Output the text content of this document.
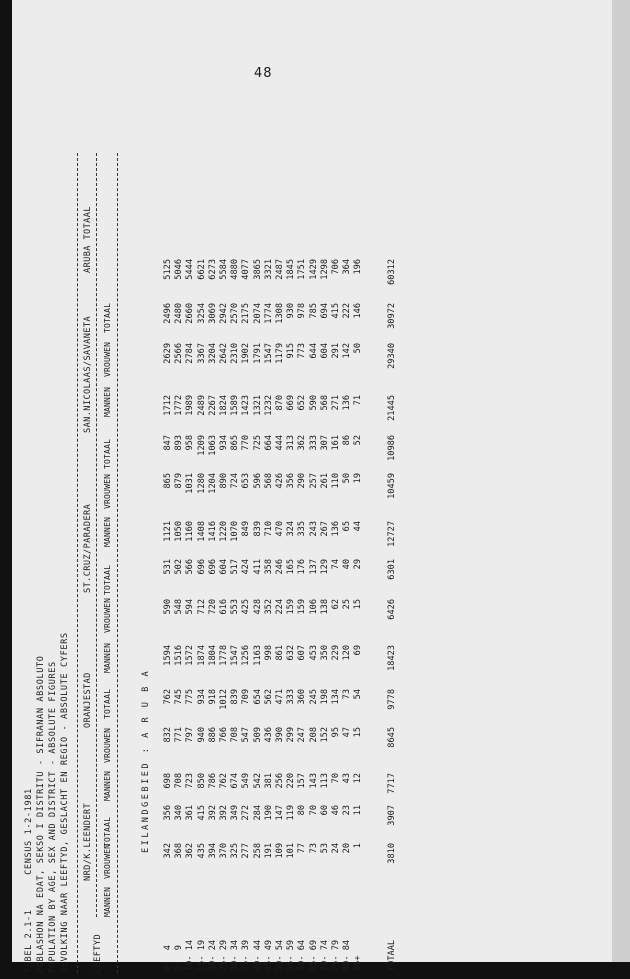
48
TABEL 2.1-1      CENSUS 1-2-1981 POBLASHON NA EDAT, SEKSO I DISTRITU - SIFRANAN ABSOLUTO POPULATION BY AGE, SEX AND DISTRICT - ABSOLUTE FIGURES BEVOLKING NAAR LEEFTYD, GESLACHT EN REGIO - ABSOLUTE CYFERS	LEEFTYD
NRD/K.LEENDERT
ORANJESTAD
ST.CRUZ/PARADERA
SAN.NICOLAAS/SAVANETA
ARUBA TOTAAL
MANNEN
VROUWEN
TOTAAL
MANNEN
VROUWEN
TOTAAL
MANNEN
VROUWEN
TOTAAL
MANNEN
VROUWEN
TOTAAL
MANNEN
VROUWEN
TOTAAL
EILANDGEBIED : A R U B A
0-  4
342
356
698
832
762
1594
590
531
1121
865
847
1712
2629
2496
5125
5-  9
368
340
708
771
745
1516
548
502
1050
879
893
1772
2566
2480
5046
10- 14
362
361
723
797
775
1572
594
566
1160
1031
958
1989
2784
2660
5444
15- 19
435
415
850
940
934
1874
712
696
1408
1280
1209
2489
3367
3254
6621
20- 24
394
392
786
886
918
1804
720
696
1416
1204
1063
2267
3204
3069
6273
25- 29
370
392
762
766
1012
1778
616
604
1220
890
934
1824
2642
2942
5584
30- 34
325
349
674
708
839
1547
553
517
1070
724
865
1589
2310
2570
4880
35- 39
277
272
549
547
709
1256
425
424
849
653
770
1423
1902
2175
4077
40- 44
258
284
542
509
654
1163
428
411
839
596
725
1321
1791
2074
3865
45- 49
191
190
381
436
562
998
352
358
710
568
664
1232
1547
1774
3321
50- 54
109
147
256
390
471
861
224
246
470
426
444
870
1179
1308
2487
55- 59
101
119
220
299
333
632
159
165
324
356
313
669
915
930
1845
60- 64
77
80
157
247
360
607
159
176
335
290
362
652
773
978
1751
65- 69
73
70
143
208
245
453
106
137
243
257
333
590
644
785
1429
70- 74
53
60
113
152
198
350
138
129
267
261
307
568
604
694
1298
75- 79
24
46
70
95
134
229
62
74
136
110
161
271
291
415
706
80- 84
20
23
43
47
73
120
25
40
65
50
86
136
142
222
364
85+
1
11
12
15
54
69
15
29
44
19
52
71
50
146
196
TOTAAL
3810
3907
7717
8645
9778
18423
6426
6301
12727
10459
10986
21445
29340
30972
60312
